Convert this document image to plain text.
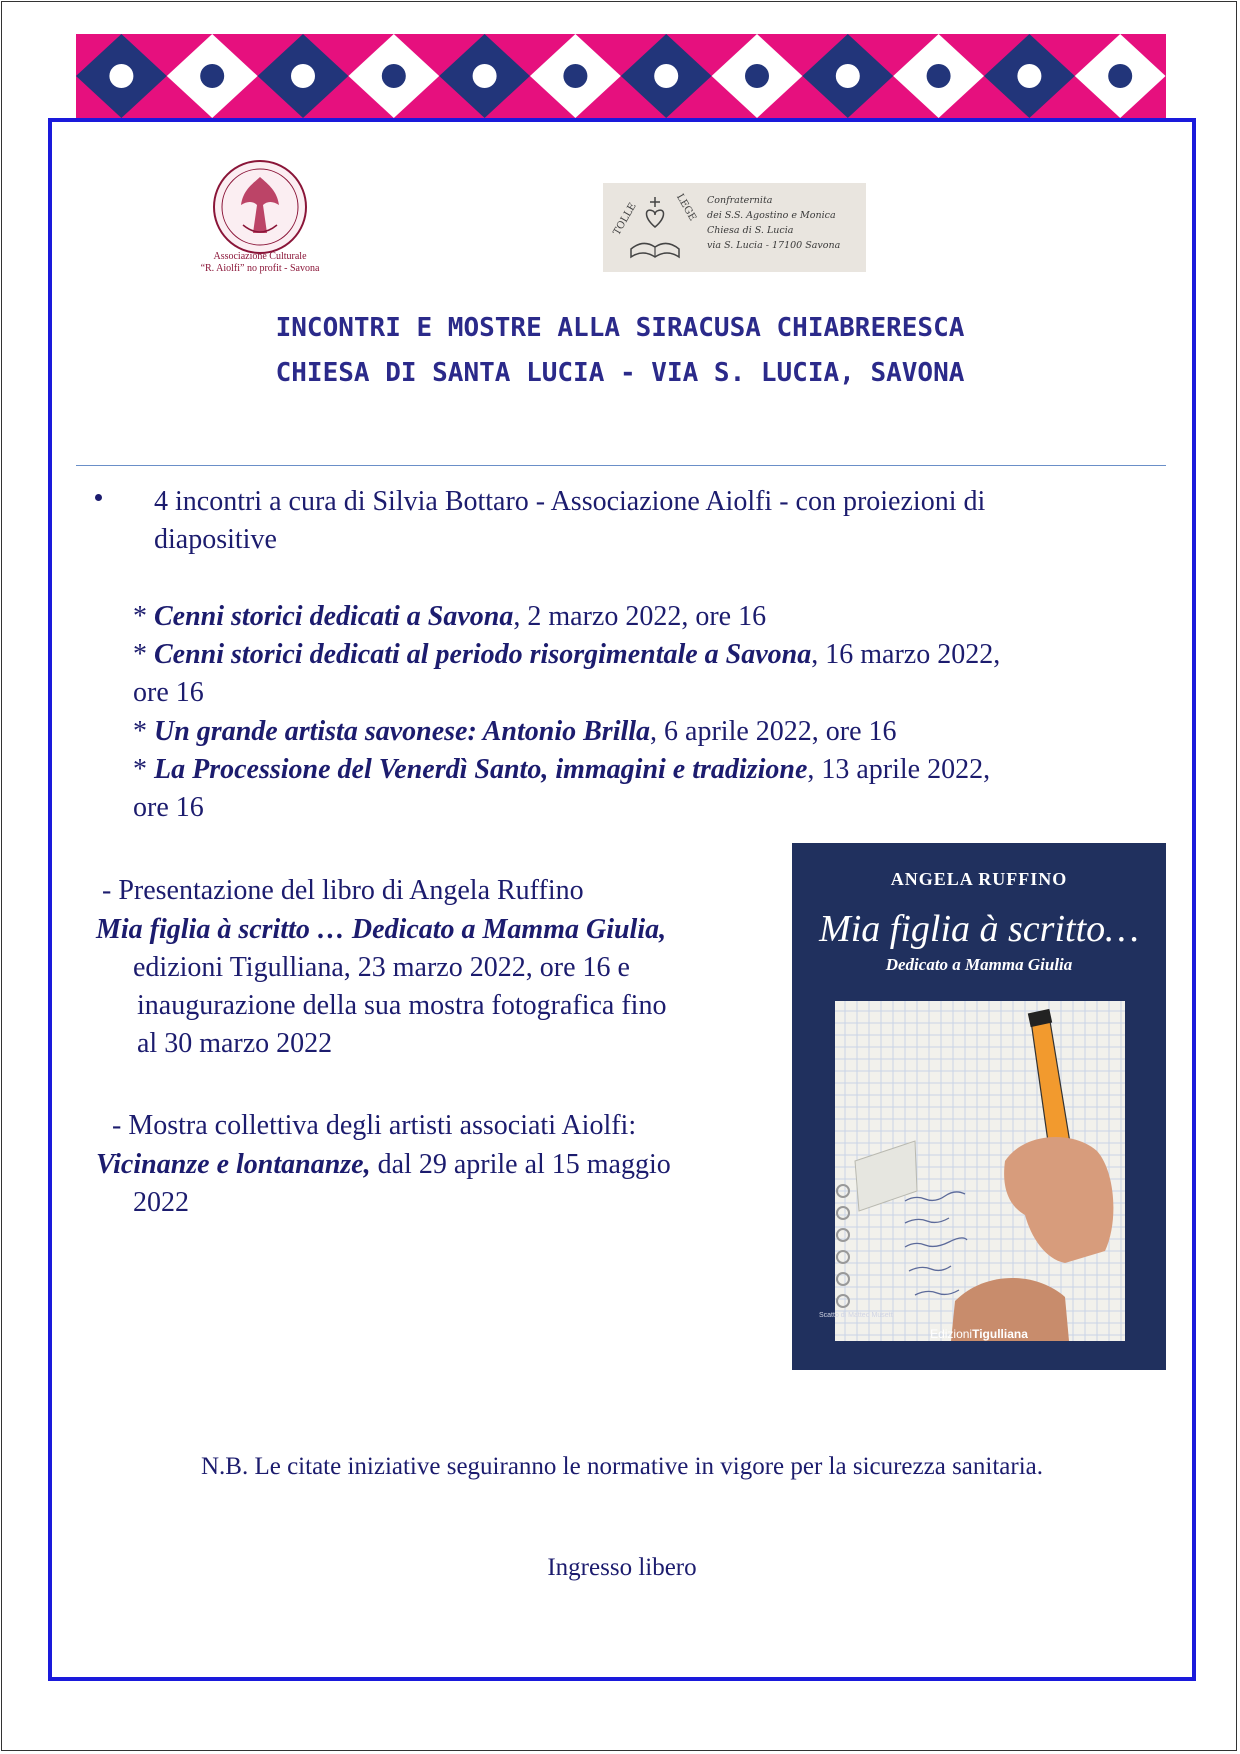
Associazione Culturale
“R. Aiolfi” no profit - Savona
TOLLE	LEGE Confraternita
dei S.S. Agostino e Monica
Chiesa di S. Lucia
via S. Lucia - 17100 Savona
INCONTRI E MOSTRE ALLA SIRACUSA CHIABRERESCA
CHIESA DI SANTA LUCIA - VIA S. LUCIA, SAVONA
4 incontri a cura di Silvia Bottaro - Associazione Aiolfi - con proiezioni di
diapositive
* Cenni storici dedicati a Savona, 2 marzo 2022, ore 16
* Cenni storici dedicati al periodo risorgimentale a Savona, 16 marzo 2022,
ore 16
* Un grande artista savonese: Antonio Brilla, 6 aprile 2022, ore 16
* La Processione del Venerdì Santo, immagini e tradizione, 13 aprile 2022,
ore 16
- Presentazione del libro di Angela Ruffino
Mia figlia à scritto … Dedicato a Mamma Giulia,
edizioni Tigulliana, 23 marzo 2022, ore 16 e
inaugurazione della sua mostra fotografica fino
al 30 marzo 2022
- Mostra collettiva degli artisti associati Aiolfi:
Vicinanze e lontananze, dal 29 aprile al 15 maggio
2022
ANGELA RUFFINO
Mia figlia à scritto…
Dedicato a Mamma Giulia
Scatto di Matteo Musetti
EdizioniTigulliana
N.B. Le citate iniziative seguiranno le normative in vigore per la sicurezza sanitaria.
Ingresso libero
